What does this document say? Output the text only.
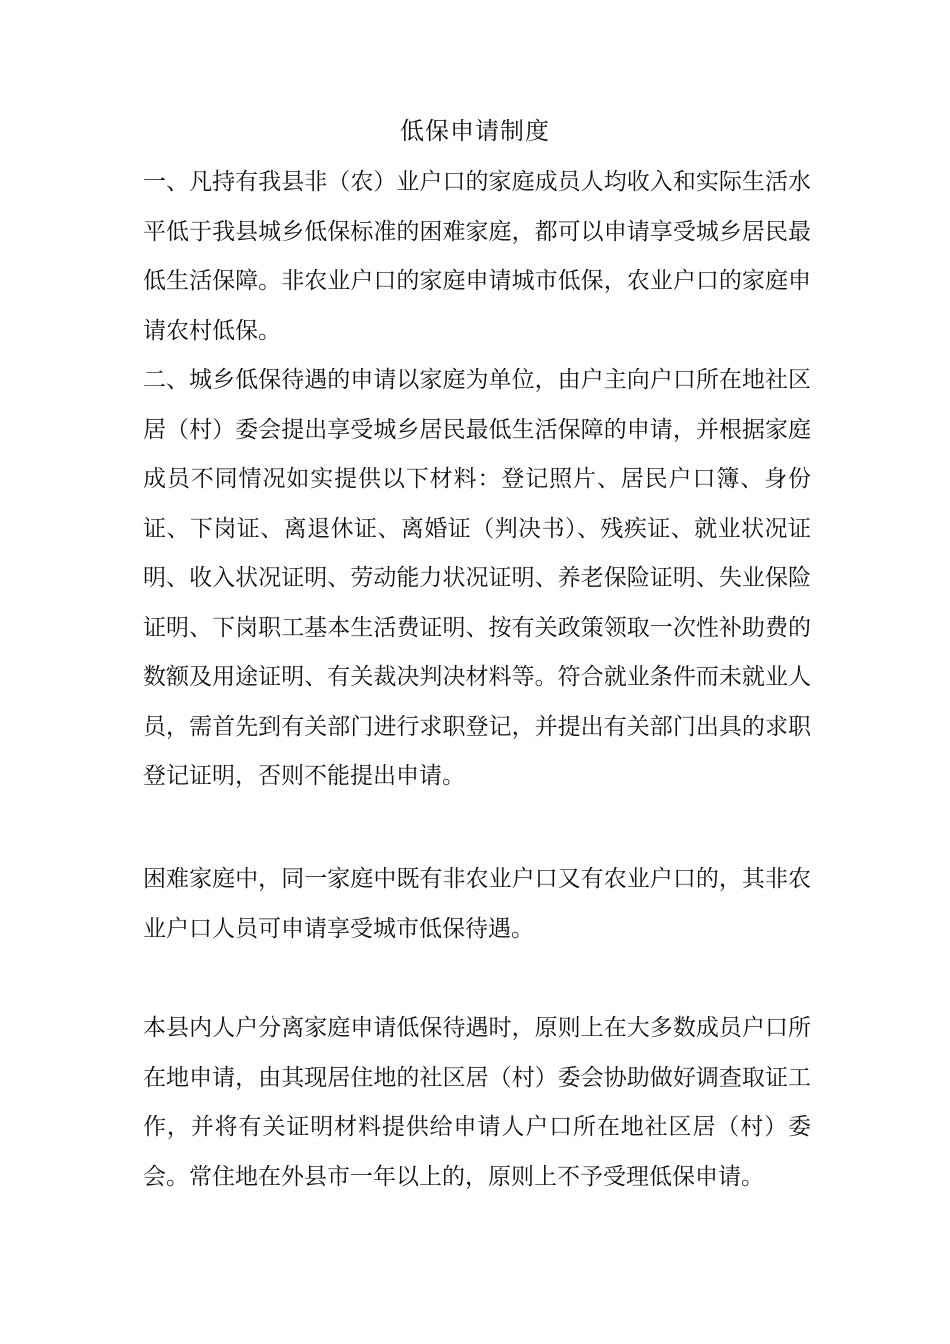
低保申请制度

一、凡持有我县非（农）业户口的家庭成员人均收入和实际生活水平低于我县城乡低保标准的困难家庭，都可以申请享受城乡居民最低生活保障。非农业户口的家庭申请城市低保，农业户口的家庭申请农村低保。

二、城乡低保待遇的申请以家庭为单位，由户主向户口所在地社区居（村）委会提出享受城乡居民最低生活保障的申请，并根据家庭成员不同情况如实提供以下材料：登记照片、居民户口簿、身份证、下岗证、离退休证、离婚证（判决书）、残疾证、就业状况证明、收入状况证明、劳动能力状况证明、养老保险证明、失业保险证明、下岗职工基本生活费证明、按有关政策领取一次性补助费的数额及用途证明、有关裁决判决材料等。符合就业条件而未就业人员，需首先到有关部门进行求职登记，并提出有关部门出具的求职登记证明，否则不能提出申请。

困难家庭中，同一家庭中既有非农业户口又有农业户口的，其非农业户口人员可申请享受城市低保待遇。

本县内人户分离家庭申请低保待遇时，原则上在大多数成员户口所在地申请，由其现居住地的社区居（村）委会协助做好调查取证工作，并将有关证明材料提供给申请人户口所在地社区居（村）委会。常住地在外县市一年以上的，原则上不予受理低保申请。
